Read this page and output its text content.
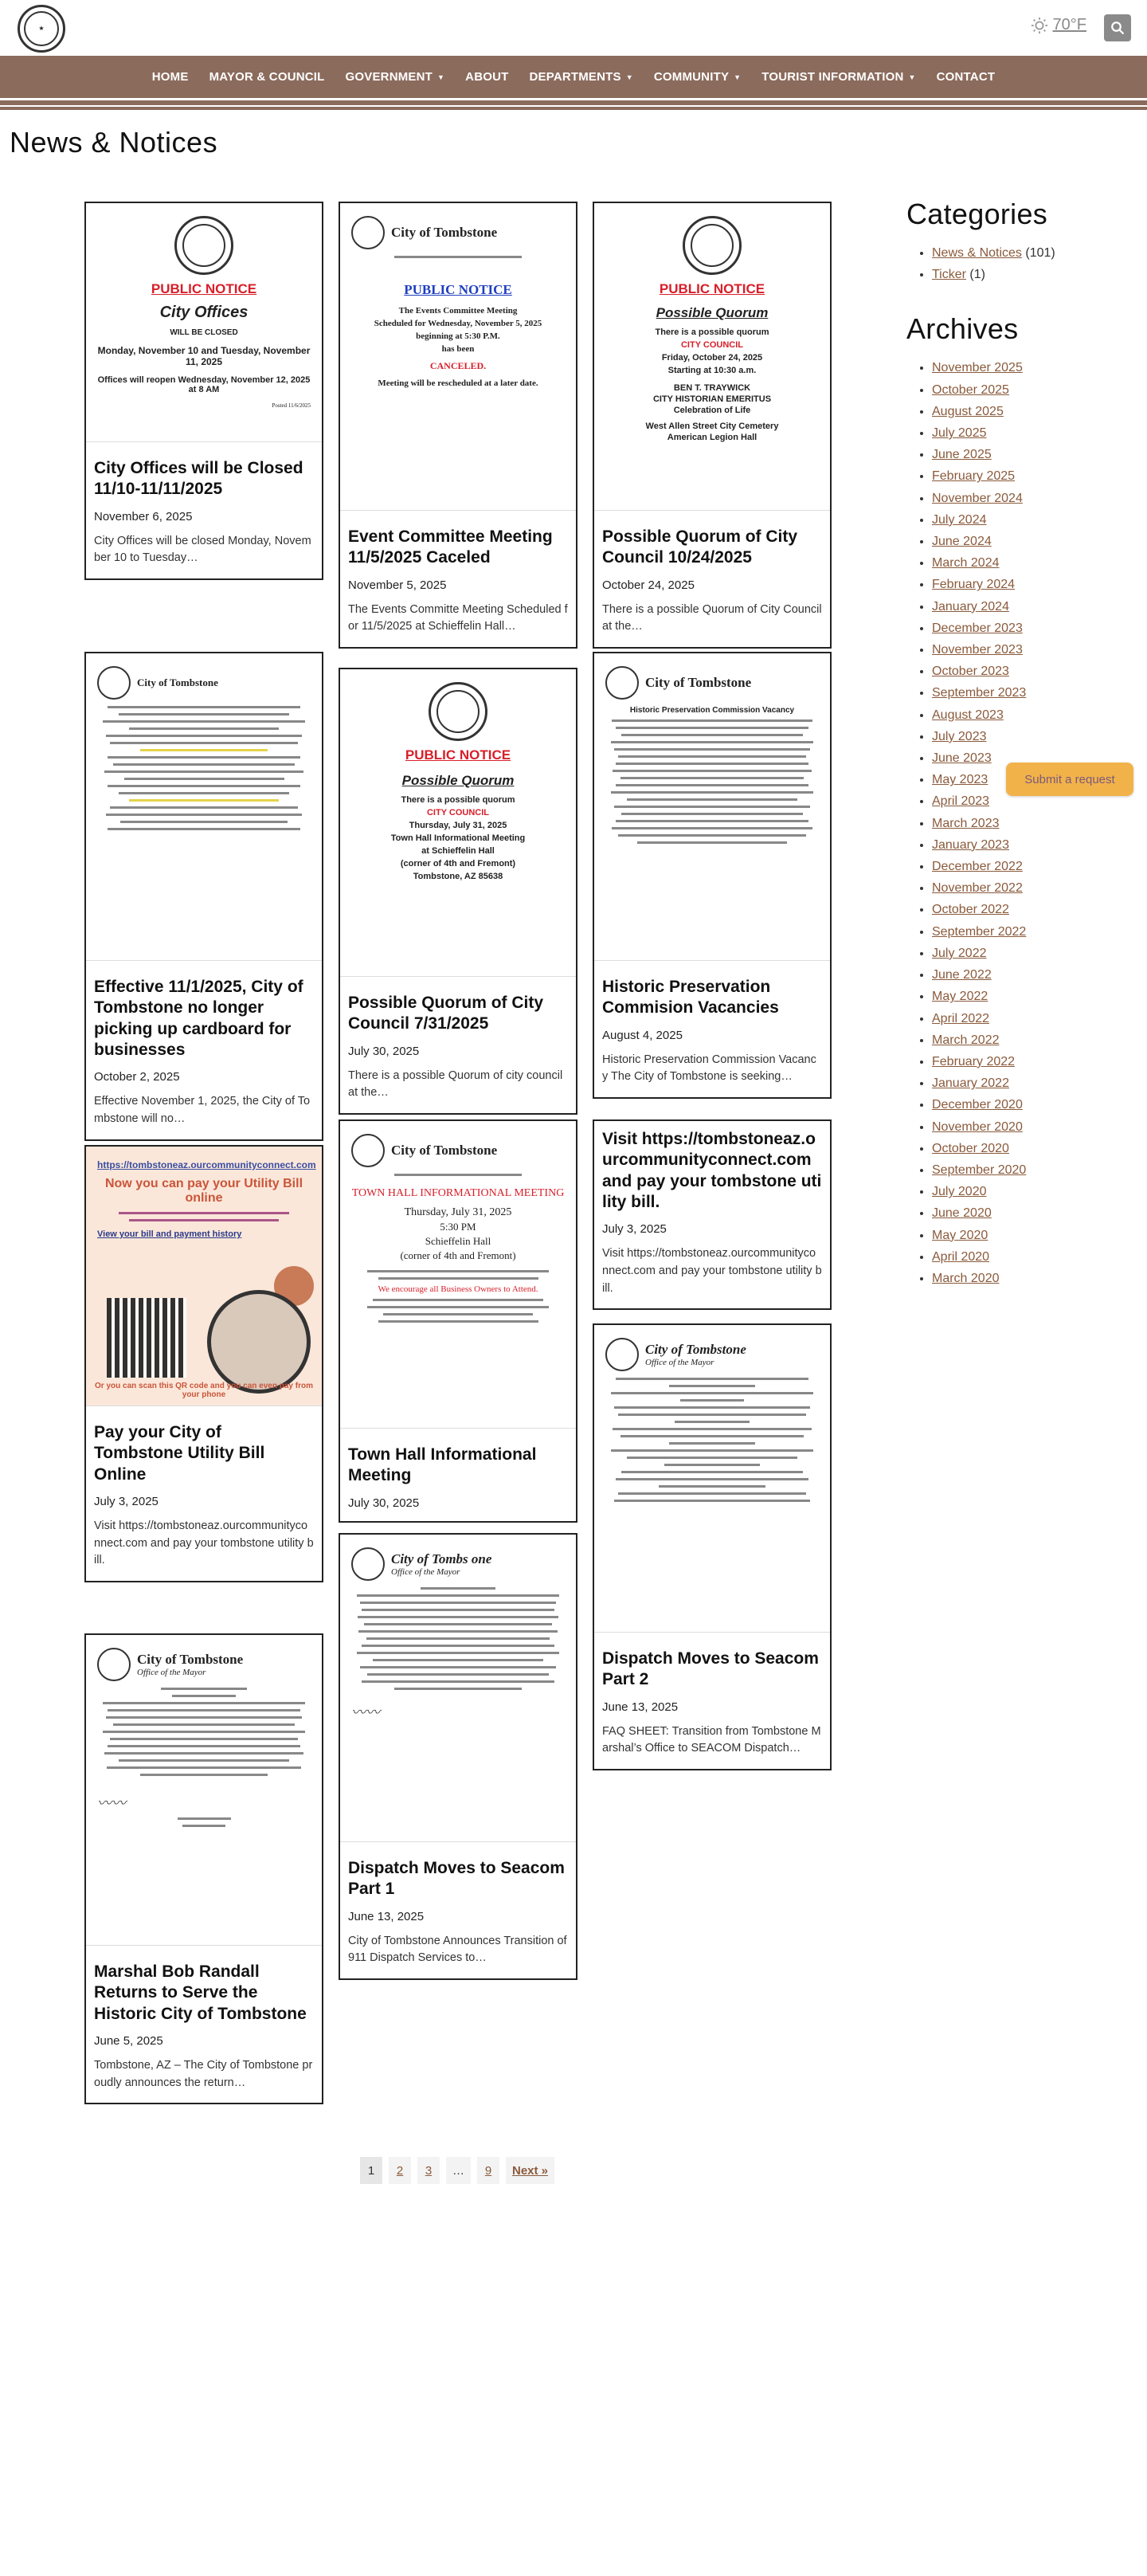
★	70°F
HOME MAYOR & COUNCIL GOVERNMENT ▼ ABOUT DEPARTMENTS ▼ COMMUNITY ▼ TOURIST INFORMATION ▼ CONTACT
News & Notices
PUBLIC NOTICE
City Offices
WILL BE CLOSED
Monday, November 10 and Tuesday, November 11, 2025
Offices will reopen Wednesday, November 12, 2025 at 8 AM
Posted 11/6/2025
City Offices will be Closed 11/10-11/11/2025
November 6, 2025
City Offices will be closed Monday, November 10 to Tuesday…
City of Tombstone
Effective 11/1/2025, City of Tombstone no longer picking up cardboard for businesses
October 2, 2025
Effective November 1, 2025, the City of Tombstone will no…
https://tombstoneaz.ourcommunityconnect.com
Now you can pay your Utility Bill online
View your bill and payment history
Or you can scan this QR code and you can even pay from your phone
Pay your City of Tombstone Utility Bill Online
July 3, 2025
Visit https://tombstoneaz.ourcommunityconnect.com and pay your tombstone utility bill.
City of Tombstone
Office of the Mayor
〰〰
Marshal Bob Randall Returns to Serve the Historic City of Tombstone
June 5, 2025
Tombstone, AZ – The City of Tombstone proudly announces the return…
City of Tombstone
PUBLIC NOTICE
The Events Committee Meeting
Scheduled for Wednesday, November 5, 2025
beginning at 5:30 P.M.
has been
CANCELED.
Meeting will be rescheduled at a later date.
Event Committee Meeting 11/5/2025 Caceled
November 5, 2025
The Events Committe Meeting Scheduled for 11/5/2025 at Schieffelin Hall…
PUBLIC NOTICE
Possible Quorum
There is a possible quorum
CITY COUNCIL
Thursday, July 31, 2025
Town Hall Informational Meeting
at Schieffelin Hall
(corner of 4th and Fremont)
Tombstone, AZ 85638
Possible Quorum of City Council 7/31/2025
July 30, 2025
There is a possible Quorum of city council at the…
City of Tombstone
TOWN HALL INFORMATIONAL MEETING
Thursday, July 31, 2025
5:30 PM
Schieffelin Hall
(corner of 4th and Fremont)
We encourage all Business Owners to Attend.
Town Hall Informational Meeting
July 30, 2025
City of Tombs one
Office of the Mayor
〰〰
Dispatch Moves to Seacom Part 1
June 13, 2025
City of Tombstone Announces Transition of 911 Dispatch Services to…
PUBLIC NOTICE
Possible Quorum
There is a possible quorum
CITY COUNCIL
Friday, October 24, 2025
Starting at 10:30 a.m.
BEN T. TRAYWICK
CITY HISTORIAN EMERITUS
Celebration of Life
West Allen Street City Cemetery
American Legion Hall
Possible Quorum of City Council 10/24/2025
October 24, 2025
There is a possible Quorum of City Council at the…
City of Tombstone
Historic Preservation Commission Vacancy
Historic Preservation Commision Vacancies
August 4, 2025
Historic Preservation Commission Vacancy The City of Tombstone is seeking…
Visit https://tombstoneaz.ourcommunityconnect.com and pay your tombstone utility bill.
July 3, 2025
Visit https://tombstoneaz.ourcommunityconnect.com and pay your tombstone utility bill.
City of Tombstone
Office of the Mayor
Dispatch Moves to Seacom Part 2
June 13, 2025
FAQ SHEET: Transition from Tombstone Marshal’s Office to SEACOM Dispatch…
Categories
• News & Notices (101)
• Ticker (1)
Archives
• November 2025
• October 2025
• August 2025
• July 2025
• June 2025
• February 2025
• November 2024
• July 2024
• June 2024
• March 2024
• February 2024
• January 2024
• December 2023
• November 2023
• October 2023
• September 2023
• August 2023
• July 2023
• June 2023
• May 2023
• April 2023
• March 2023
• January 2023
• December 2022
• November 2022
• October 2022
• September 2022
• July 2022
• June 2022
• May 2022
• April 2022
• March 2022
• February 2022
• January 2022
• December 2020
• November 2020
• October 2020
• September 2020
• July 2020
• June 2020
• May 2020
• April 2020
• March 2020
Submit a request
1	2	3	…	9	Next »
